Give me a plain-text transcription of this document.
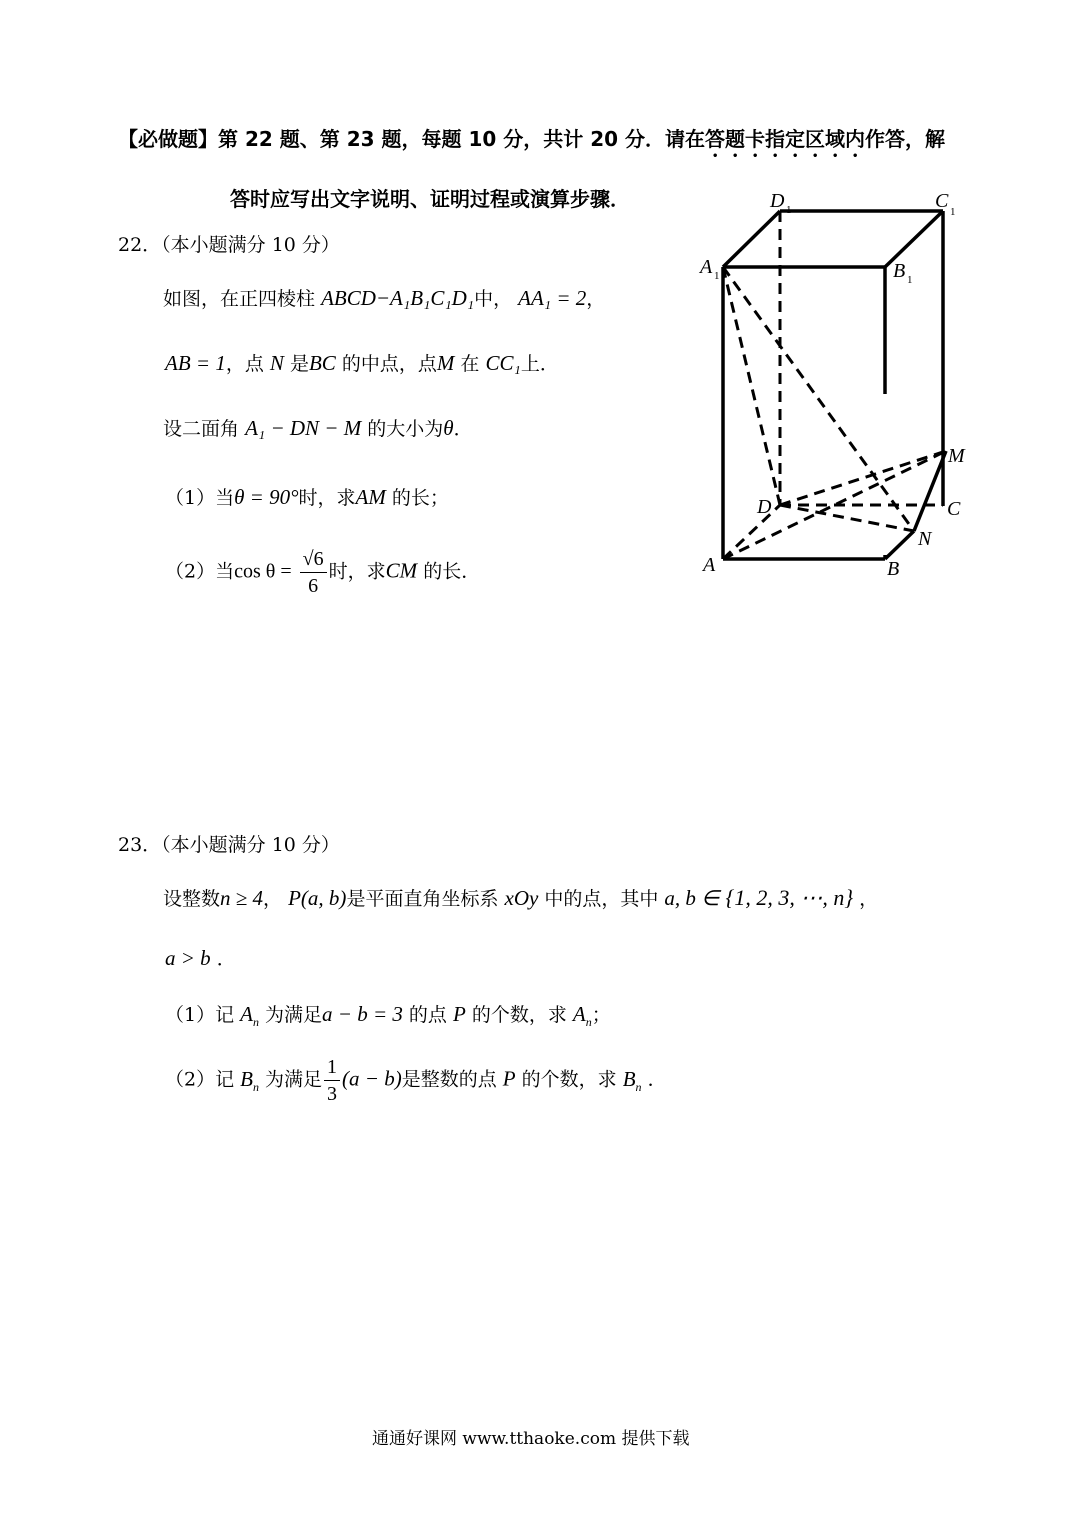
【必做题】第 22 题、第 23 题，每题 10 分，共计 20 分．请在答题卡指定区域内作答，解
答时应写出文字说明、证明过程或演算步骤．
22．（本小题满分 10 分）
如图，在正四棱柱 ABCD−A₁B₁C₁D₁中， AA₁ = 2，
AB = 1，点 N 是BC 的中点，点M 在 CC₁上．
设二面角 A₁ − DN − M 的大小为θ．
（1）当θ = 90°时，求AM 的长；
（2）当$\cos \theta = \frac{√6}{6}$ 时，求CM 的长．
D 1	C 1
A 1	B 1
M
D	C
N
A	B
23．（本小题满分 10 分）
设整数n ≥ 4， P(a, b)是平面直角坐标系 xOy 中的点，其中 a, b ∈ {1, 2, 3, ⋯, n} ，
a > b ．
（1）记 $A_n$ 为满足a − b = 3 的点 P 的个数，求 $A_n$；
（2）记 $B_n$ 为满足 $\frac{1}{3} (a - b)$是整数的点 P 的个数，求 $B_n$ ．
通通好课网 www.tthaoke.com 提供下载
